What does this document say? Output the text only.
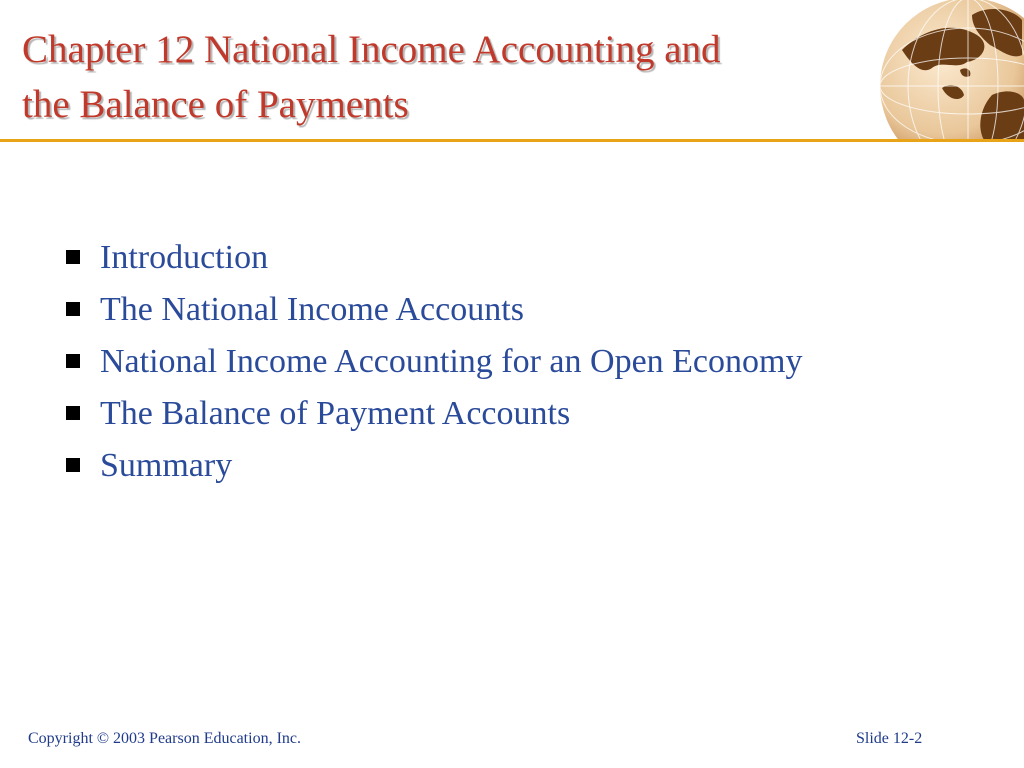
Chapter 12 National Income Accounting and
the Balance of Payments
Introduction
The National Income Accounts
National Income Accounting for an Open Economy
The Balance of Payment Accounts
Summary
Copyright © 2003 Pearson Education, Inc.	Slide 12-2
